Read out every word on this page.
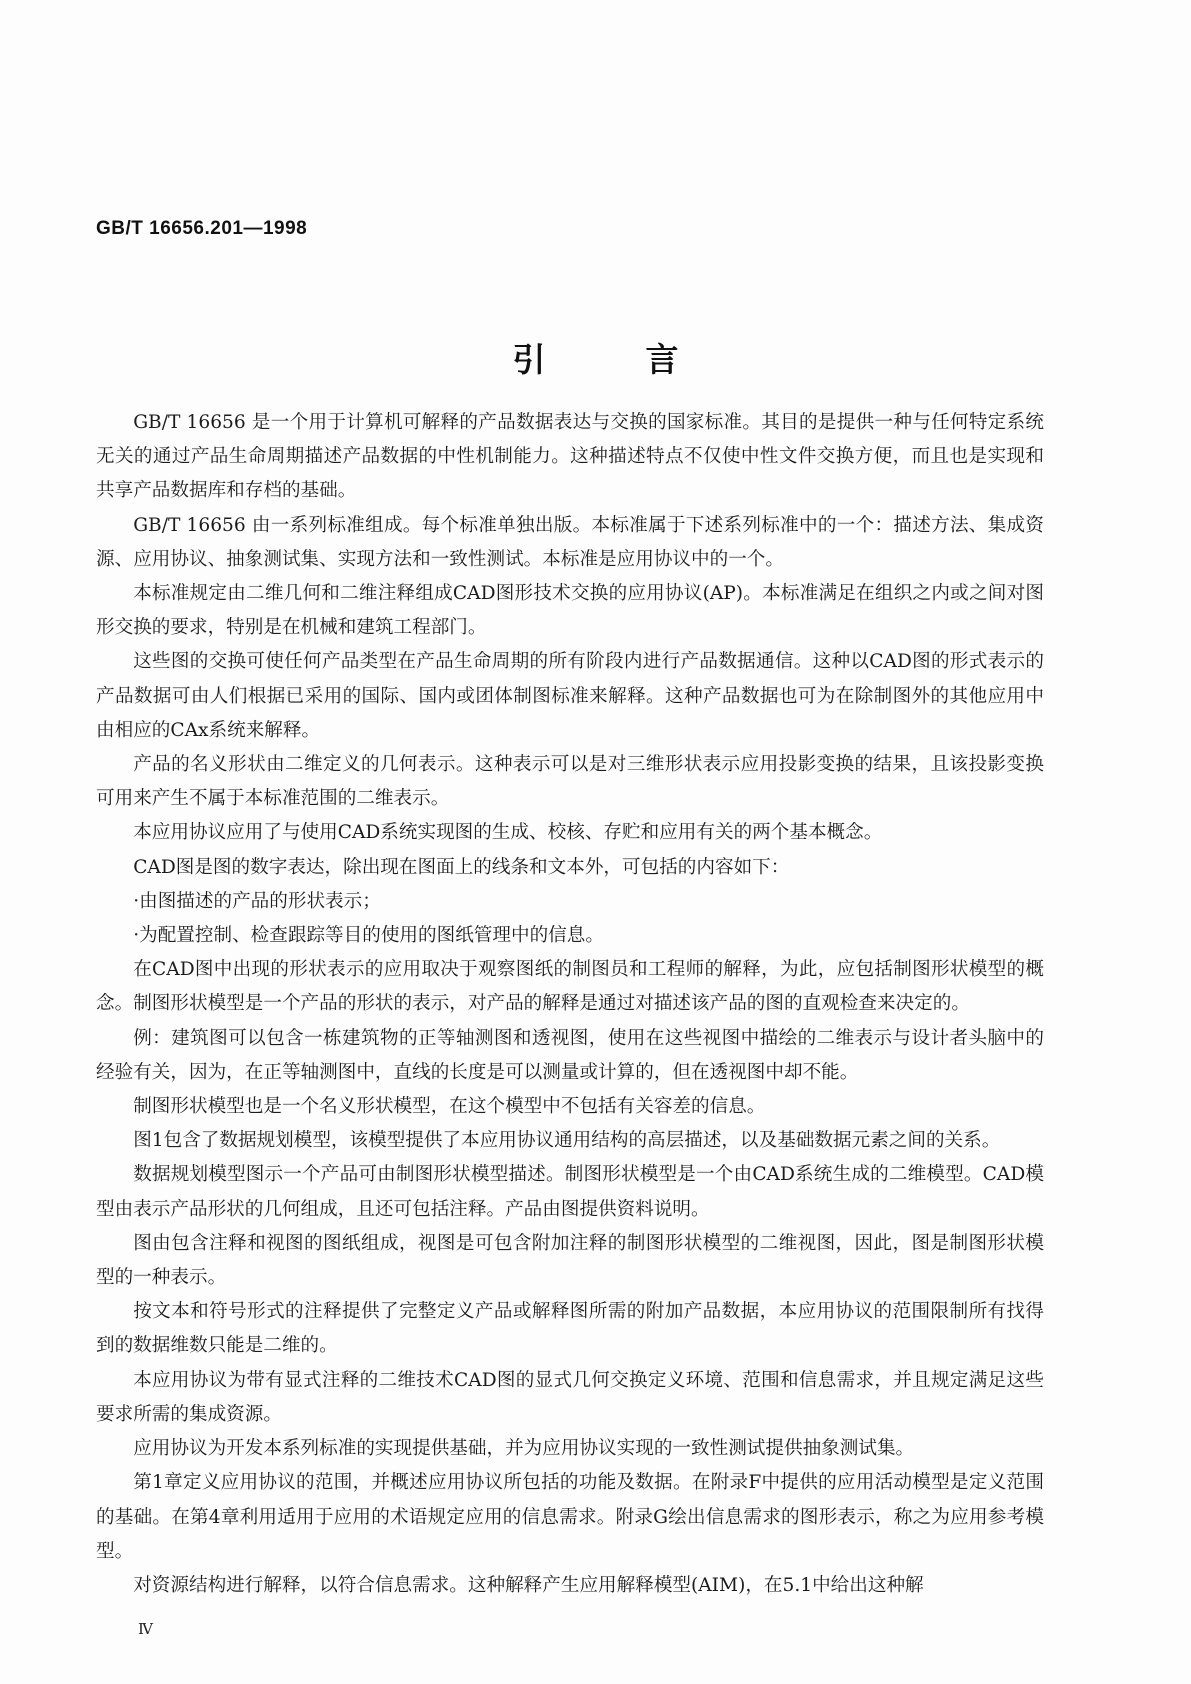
GB/T 16656.201—1998
引言

GB/T 16656 是一个用于计算机可解释的产品数据表达与交换的国家标准。其目的是提供一种与任何特定系统无关的通过产品生命周期描述产品数据的中性机制能力。这种描述特点不仅使中性文件交换方便，而且也是实现和共享产品数据库和存档的基础。

GB/T 16656 由一系列标准组成。每个标准单独出版。本标准属于下述系列标准中的一个：描述方法、集成资源、应用协议、抽象测试集、实现方法和一致性测试。本标准是应用协议中的一个。

本标准规定由二维几何和二维注释组成CAD图形技术交换的应用协议(AP)。本标准满足在组织之内或之间对图形交换的要求，特别是在机械和建筑工程部门。

这些图的交换可使任何产品类型在产品生命周期的所有阶段内进行产品数据通信。这种以CAD图的形式表示的产品数据可由人们根据已采用的国际、国内或团体制图标准来解释。这种产品数据也可为在除制图外的其他应用中由相应的CAx系统来解释。

产品的名义形状由二维定义的几何表示。这种表示可以是对三维形状表示应用投影变换的结果，且该投影变换可用来产生不属于本标准范围的二维表示。

本应用协议应用了与使用CAD系统实现图的生成、校核、存贮和应用有关的两个基本概念。

CAD图是图的数字表达，除出现在图面上的线条和文本外，可包括的内容如下：

·由图描述的产品的形状表示；

·为配置控制、检查跟踪等目的使用的图纸管理中的信息。

在CAD图中出现的形状表示的应用取决于观察图纸的制图员和工程师的解释，为此，应包括制图形状模型的概念。制图形状模型是一个产品的形状的表示，对产品的解释是通过对描述该产品的图的直观检查来决定的。

例：建筑图可以包含一栋建筑物的正等轴测图和透视图，使用在这些视图中描绘的二维表示与设计者头脑中的经验有关，因为，在正等轴测图中，直线的长度是可以测量或计算的，但在透视图中却不能。

制图形状模型也是一个名义形状模型，在这个模型中不包括有关容差的信息。

图1包含了数据规划模型，该模型提供了本应用协议通用结构的高层描述，以及基础数据元素之间的关系。

数据规划模型图示一个产品可由制图形状模型描述。制图形状模型是一个由CAD系统生成的二维模型。CAD模型由表示产品形状的几何组成，且还可包括注释。产品由图提供资料说明。

图由包含注释和视图的图纸组成，视图是可包含附加注释的制图形状模型的二维视图，因此，图是制图形状模型的一种表示。

按文本和符号形式的注释提供了完整定义产品或解释图所需的附加产品数据，本应用协议的范围限制所有找得到的数据维数只能是二维的。

本应用协议为带有显式注释的二维技术CAD图的显式几何交换定义环境、范围和信息需求，并且规定满足这些要求所需的集成资源。

应用协议为开发本系列标准的实现提供基础，并为应用协议实现的一致性测试提供抽象测试集。

第1章定义应用协议的范围，并概述应用协议所包括的功能及数据。在附录F中提供的应用活动模型是定义范围的基础。在第4章利用适用于应用的术语规定应用的信息需求。附录G绘出信息需求的图形表示，称之为应用参考模型。

对资源结构进行解释，以符合信息需求。这种解释产生应用解释模型(AIM)，在5.1中给出这种解

Ⅳ
